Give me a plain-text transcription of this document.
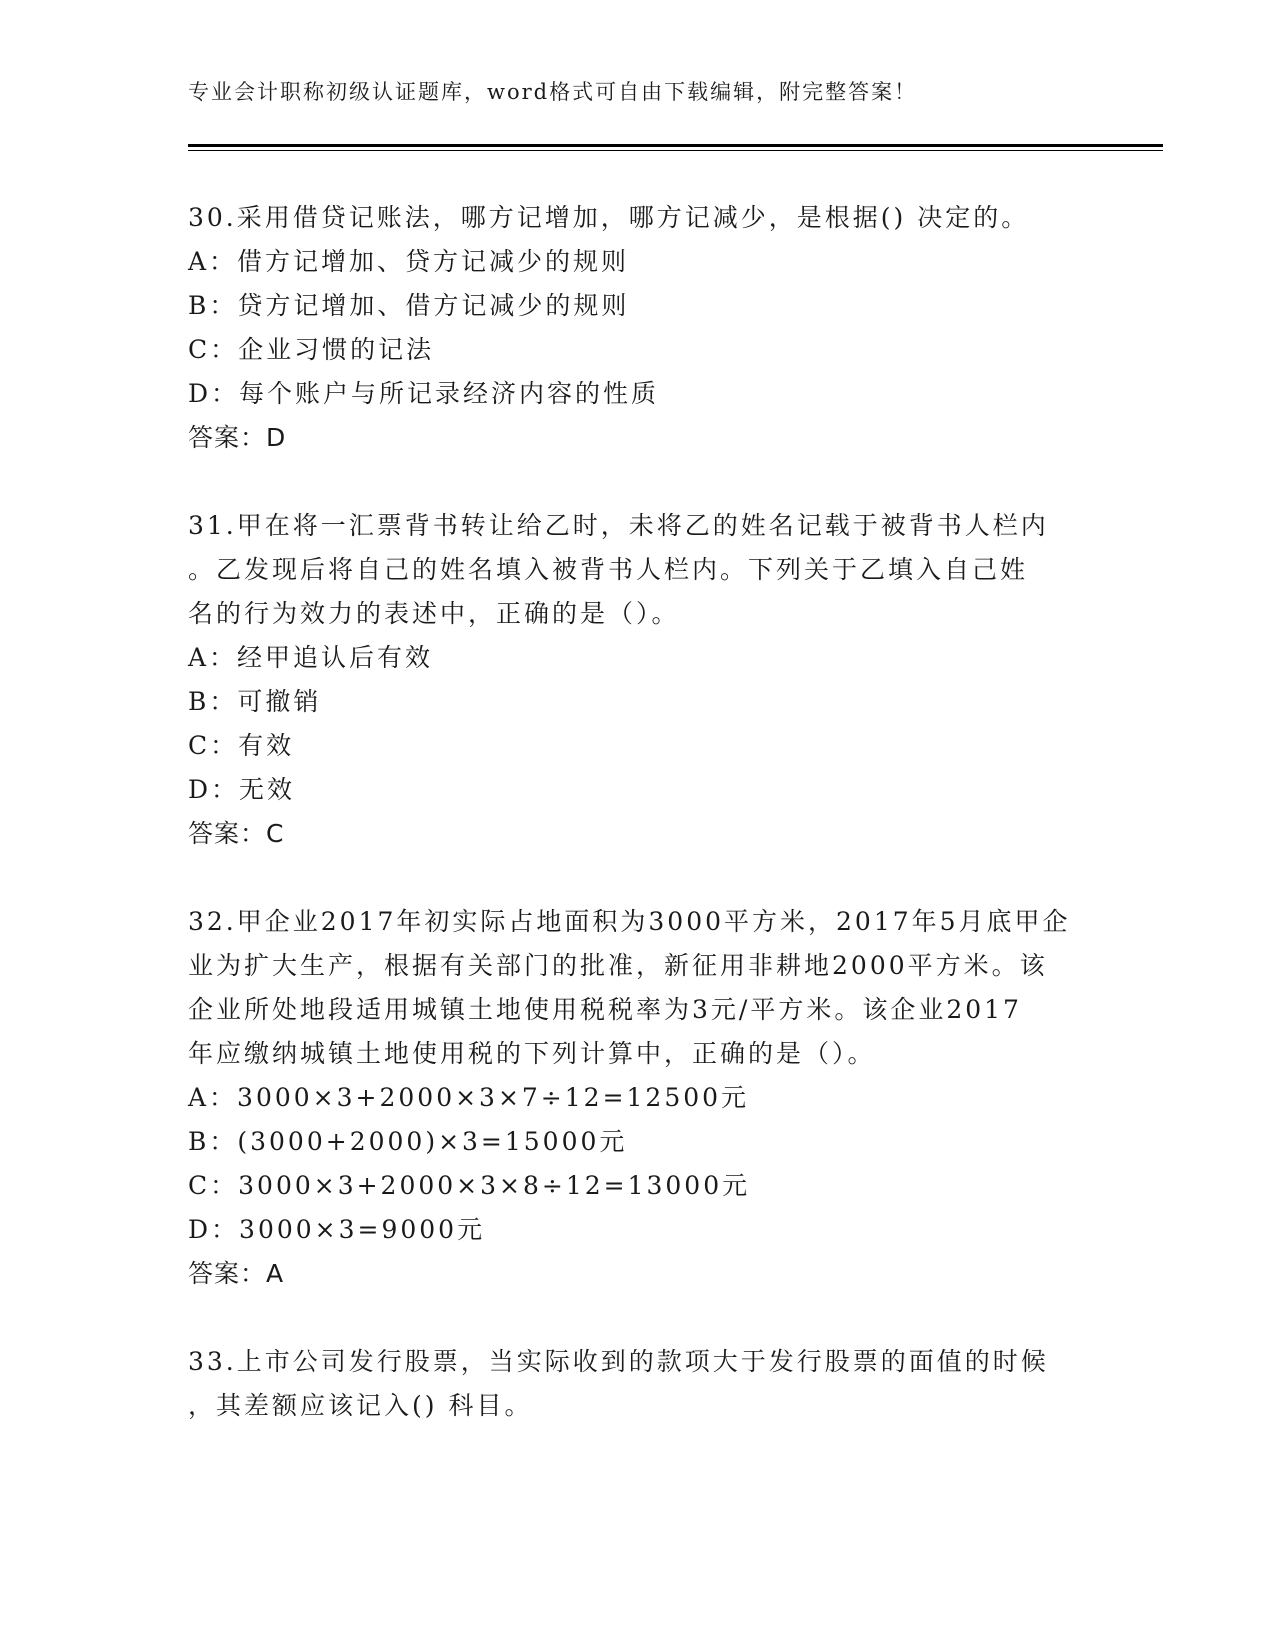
专业会计职称初级认证题库，word格式可自由下载编辑，附完整答案！
30.采用借贷记账法，哪方记增加，哪方记减少，是根据() 决定的。
A：借方记增加、贷方记减少的规则
B：贷方记增加、借方记减少的规则
C：企业习惯的记法
D：每个账户与所记录经济内容的性质
答案：D
31.甲在将一汇票背书转让给乙时，未将乙的姓名记载于被背书人栏内
。乙发现后将自己的姓名填入被背书人栏内。下列关于乙填入自己姓
名的行为效力的表述中，正确的是（）。
A：经甲追认后有效
B：可撤销
C：有效
D：无效
答案：C
32.甲企业2017年初实际占地面积为3000平方米，2017年5月底甲企
业为扩大生产，根据有关部门的批准，新征用非耕地2000平方米。该
企业所处地段适用城镇土地使用税税率为3元/平方米。该企业2017
年应缴纳城镇土地使用税的下列计算中，正确的是（）。
A：3000×3+2000×3×7÷12=12500元
B：(3000+2000)×3=15000元
C：3000×3+2000×3×8÷12=13000元
D：3000×3=9000元
答案：A
33.上市公司发行股票，当实际收到的款项大于发行股票的面值的时候
，其差额应该记入() 科目。
